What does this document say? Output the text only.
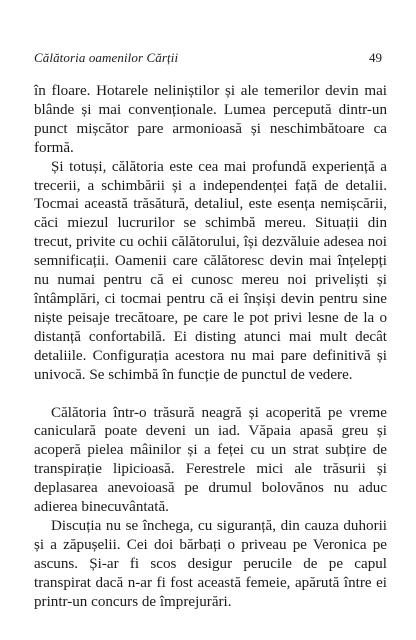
Călătoria oamenilor Cărții	49

în floare. Hotarele neliniștilor și ale temerilor devin mai blânde și mai convenționale. Lumea percepută dintr-un punct mișcător pare armonioasă și neschimbătoare ca formă.

Și totuși, călătoria este cea mai profundă experiență a trecerii, a schimbării și a independenței față de detalii. Tocmai această trăsătură, detaliul, este esența nemișcării, căci miezul lucrurilor se schimbă mereu. Situații din trecut, privite cu ochii călătorului, își dezvăluie adesea noi semnificații. Oamenii care călătoresc devin mai înțelepți nu numai pentru că ei cunosc mereu noi priveliști și întâmplări, ci tocmai pentru că ei înșiși devin pentru sine niște peisaje trecătoare, pe care le pot privi lesne de la o distanță confortabilă. Ei disting atunci mai mult decât detaliile. Configurația acestora nu mai pare definitivă și univocă. Se schimbă în funcție de punctul de vedere.

Călătoria într-o trăsură neagră și acoperită pe vreme caniculară poate deveni un iad. Văpaia apasă greu și acoperă pielea mâinilor și a feței cu un strat subțire de transpirație lipicioasă. Ferestrele mici ale trăsurii și deplasarea anevoioasă pe drumul bolovănos nu aduc adierea binecuvântată.

Discuția nu se închega, cu siguranță, din cauza duhorii și a zăpușelii. Cei doi bărbați o priveau pe Veronica pe ascuns. Și-ar fi scos desigur perucile de pe capul transpirat dacă n-ar fi fost această femeie, apărută între ei printr-un concurs de împrejurări.
